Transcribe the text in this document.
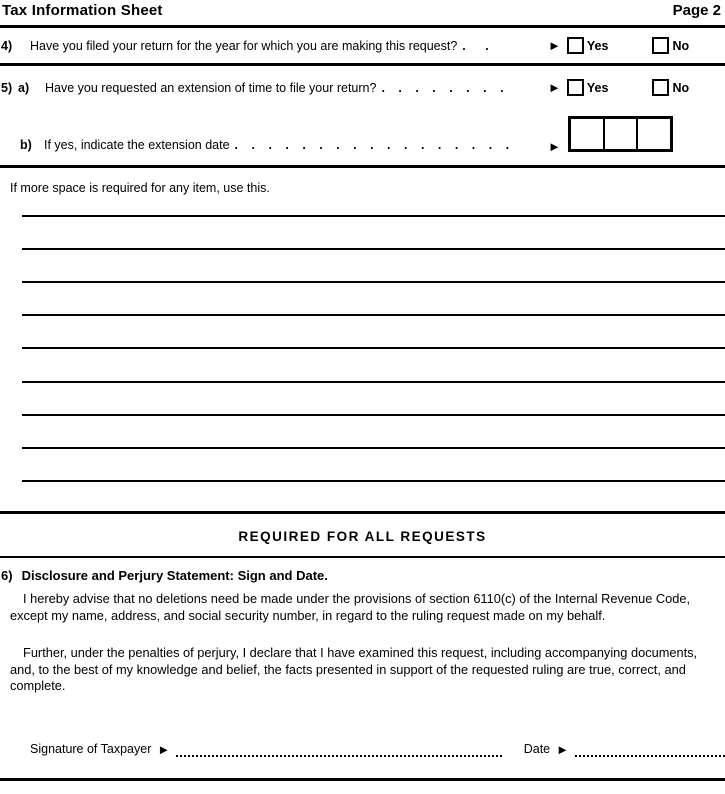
Tax Information Sheet	Page 2
4) Have you filed your return for the year for which you are making this request? . .	► Yes	No
5) a) Have you requested an extension of time to file your return? . . . . . . . .	► Yes	No
b) If yes, indicate the extension date . . . . . . . . . . . . . . . . .	►
If more space is required for any item, use this.
REQUIRED FOR ALL REQUESTS
6) Disclosure and Perjury Statement: Sign and Date.
I hereby advise that no deletions need be made under the provisions of section 6110(c) of the Internal Revenue Code, except my name, address, and social security number, in regard to the ruling request made on my behalf.
Further, under the penalties of perjury, I declare that I have examined this request, including accompanying documents, and, to the best of my knowledge and belief, the facts presented in support of the requested ruling are true, correct, and complete.
Signature of Taxpayer ►	Date ►
